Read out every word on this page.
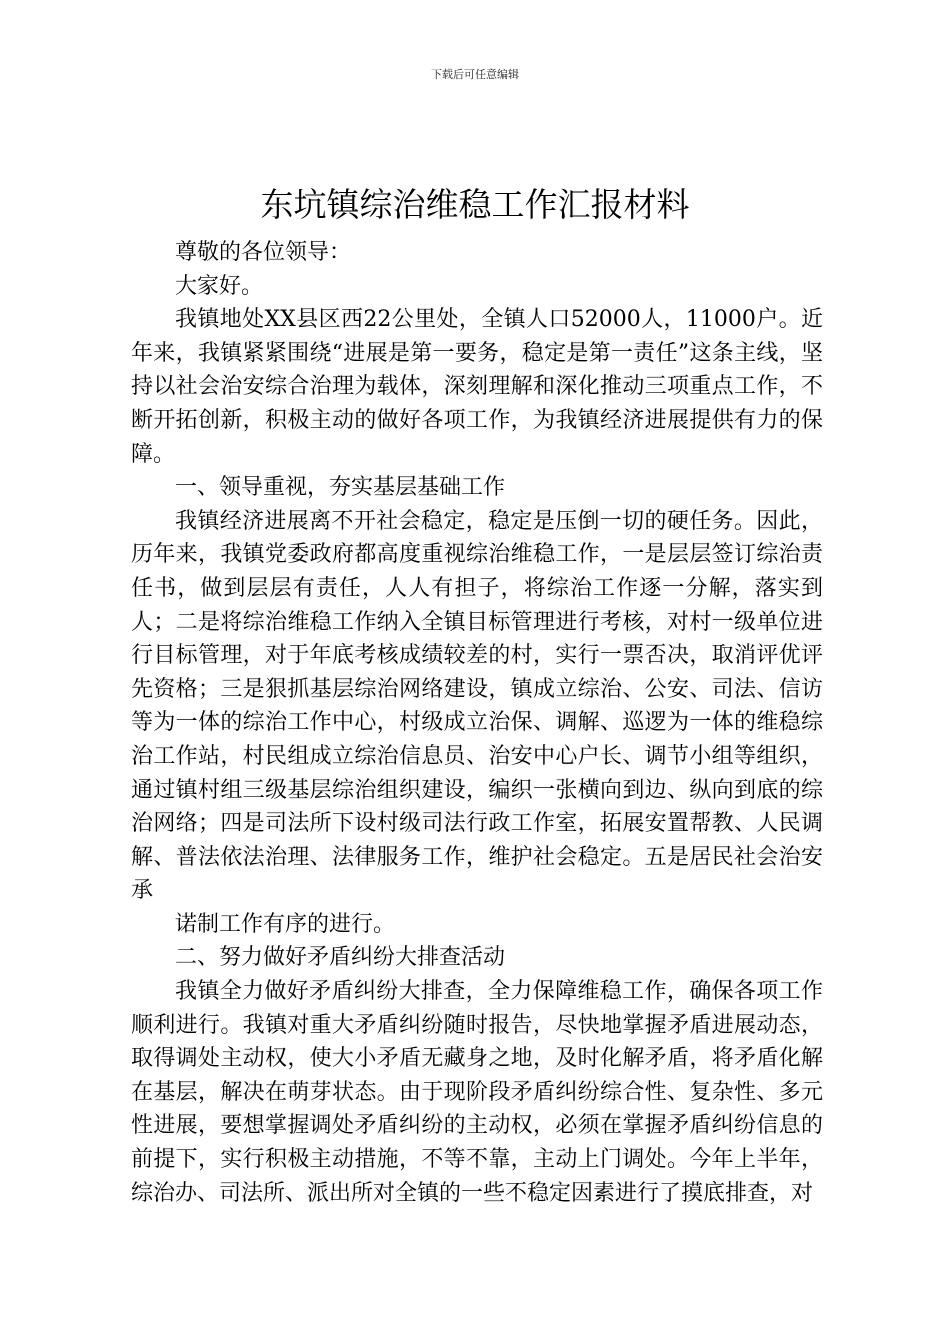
下载后可任意编辑
东坑镇综治维稳工作汇报材料

尊敬的各位领导：

大家好。

我镇地处XX县区西22公里处，全镇人口52000人，11000户。近年来，我镇紧紧围绕“进展是第一要务，稳定是第一责任”这条主线，坚持以社会治安综合治理为载体，深刻理解和深化推动三项重点工作，不断开拓创新，积极主动的做好各项工作，为我镇经济进展提供有力的保障。

一、领导重视，夯实基层基础工作

我镇经济进展离不开社会稳定，稳定是压倒一切的硬任务。因此，历年来，我镇党委政府都高度重视综治维稳工作，一是层层签订综治责任书，做到层层有责任，人人有担子，将综治工作逐一分解，落实到人；二是将综治维稳工作纳入全镇目标管理进行考核，对村一级单位进行目标管理，对于年底考核成绩较差的村，实行一票否决，取消评优评先资格；三是狠抓基层综治网络建设，镇成立综治、公安、司法、信访等为一体的综治工作中心，村级成立治保、调解、巡逻为一体的维稳综治工作站，村民组成立综治信息员、治安中心户长、调节小组等组织，通过镇村组三级基层综治组织建设，编织一张横向到边、纵向到底的综治网络；四是司法所下设村级司法行政工作室，拓展安置帮教、人民调解、普法依法治理、法律服务工作，维护社会稳定。五是居民社会治安承

诺制工作有序的进行。

二、努力做好矛盾纠纷大排查活动

我镇全力做好矛盾纠纷大排查，全力保障维稳工作，确保各项工作顺利进行。我镇对重大矛盾纠纷随时报告，尽快地掌握矛盾进展动态，取得调处主动权，使大小矛盾无藏身之地，及时化解矛盾，将矛盾化解在基层，解决在萌芽状态。由于现阶段矛盾纠纷综合性、复杂性、多元性进展，要想掌握调处矛盾纠纷的主动权，必须在掌握矛盾纠纷信息的前提下，实行积极主动措施，不等不靠，主动上门调处。今年上半年，综治办、司法所、派出所对全镇的一些不稳定因素进行了摸底排查，对
